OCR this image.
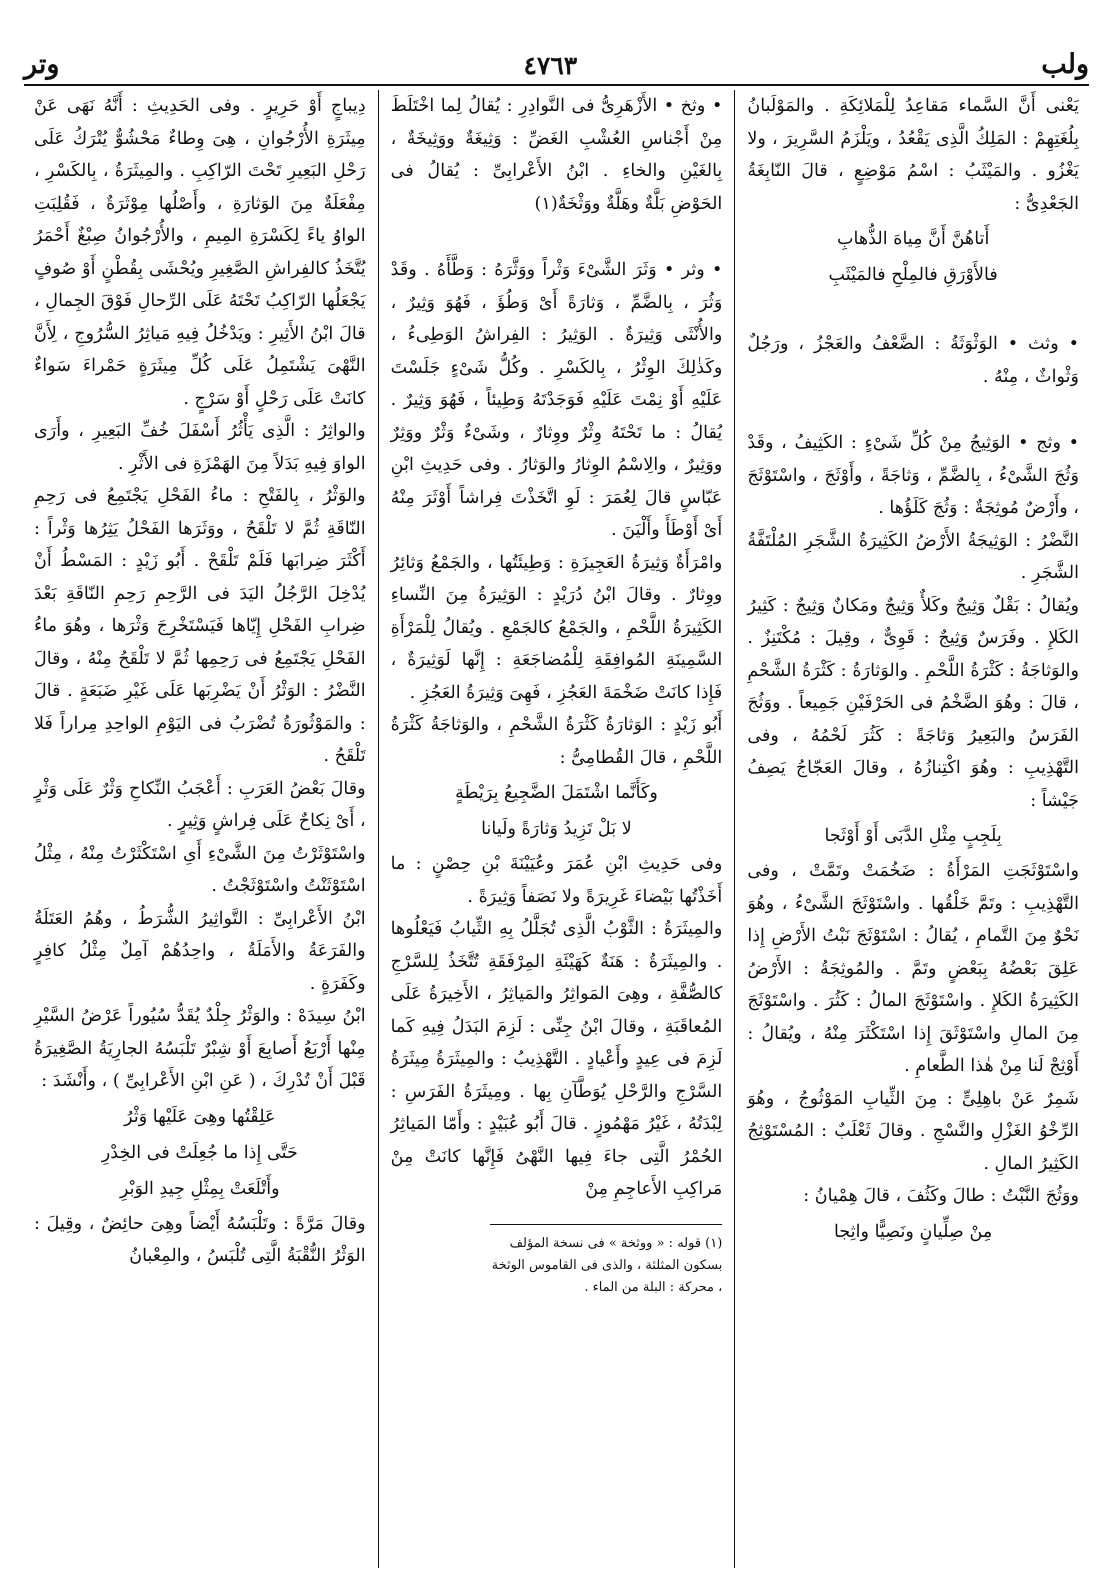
وتر	٤٧٦٣	ولب

يَعْنى أَنَّ السَّماء مَقاعِدُ لِلْمَلائِكَةِ . والمَوْلَبانُ بِلُغَتِهِمْ : المَلِكُ الَّذِى يَقْعُدُ ، ويَلْزَمُ السَّرِيرَ ، ولا يَغْزُو . والمَيْثَبُ : اسْمُ مَوْضِعٍ ، قالَ النّابِغَةُ الجَعْدِىُّ :

أَتاهُنَّ أَنَّ مِياهَ الذُّهابِ

فالأَوْرَقِ فالمِلْحِ فالمَيْثَبِ

• وثث • الوَثْوَثَةُ : الضَّعْفُ والعَجْزُ ، ورَجُلٌ وَثْواثٌ ، مِنْهُ .

• وثج • الوَثِيجُ مِنْ كُلِّ شَىْءٍ : الكَثِيفُ ، وقَدْ وَثُجَ الشَّىْءُ ، بِالضَّمِّ ، وَثاجَةً ، وأَوْثَجَ ، واسْتَوْثَجَ ، وأَرْضٌ مُوثِجَةٌ : وَثُجَ كَلَؤُها .

النَّضْرُ : الوَثِيجَةُ الأَرْضُ الكَثِيرَةُ الشَّجَرِ المُلْتَفَّةُ الشَّجَرِ .

ويُقالُ : بَقْلٌ وَثِيجٌ وكَلأٌ وَثِيجٌ ومَكانٌ وَثِيجٌ : كَثِيرُ الكَلإِ . وفَرَسٌ وَثِيجٌ : قَوِىٌّ ، وقِيلَ : مُكْتَنِزٌ . والوَثاجَةُ : كَثْرَةُ اللَّحْمِ . والوَثارَةُ : كَثْرَةُ الشَّحْمِ ، قالَ : وهُوَ الضَّخْمُ فى الحَرْفَيْنِ جَمِيعاً . ووَثُجَ الفَرَسُ والبَعِيرُ وَثاجَةً : كَثُرَ لَحْمُهُ ، وفى التَّهْذِيبِ : وهُوَ اكْتِنازُهُ ، وقالَ العَجّاجُ يَصِفُ جَيْشاً :

بِلَجِبٍ مِثْلِ الدَّبَى أَوْ أَوْثَجا

واسْتَوْثَجَتِ المَرْأَةُ : ضَخُمَتْ وتَمَّتْ ، وفى التَّهْذِيبِ : وتَمَّ خَلْقُها . واسْتَوْثَجَ الشَّىْءُ ، وهُوَ نَحْوٌ مِنَ التَّمامِ ، يُقالُ : اسْتَوْثَجَ نَبْتُ الأَرْضِ إِذا عَلِقَ بَعْضُهُ بِبَعْضٍ وتَمَّ . والمُوثِجَةُ : الأَرْضُ الكَثِيرَةُ الكَلإِ . واسْتَوْثَجَ المالُ : كَثُرَ . واسْتَوْثَجَ مِنَ المالِ واسْتَوْثَقَ إِذا اسْتَكْثَرَ مِنْهُ ، ويُقالُ : أَوْثِجْ لَنا مِنْ هٰذا الطَّعامِ .

شَمِرٌ عَنْ باهِلِىٍّ : مِنَ الثِّيابِ المَوْثُوجُ ، وهُوَ الرِّخْوُ الغَزْلِ والنَّسْجِ . وقالَ ثَعْلَبٌ : المُسْتَوْثِجُ الكَثِيرُ المالِ .

ووَثُجَ النَّبْتُ : طالَ وكَثُفَ ، قالَ هِمْيانُ :

مِنْ صِلِّيانٍ ونَصِيًّا واثِجا

• وثخ • الأَزْهَرِىُّ فى النَّوادِرِ : يُقالُ لِما اخْتَلَطَ مِنْ أَجْناسِ العُشْبِ الغَضِّ : وَثِيغَةٌ ووَثِيخَةٌ ، بِالغَيْنِ والخاءِ . ابْنُ الأَعْرابِىِّ : يُقالُ فى الحَوْضِ بَلَّةٌ وهَلَّةٌ ووَثْخَةٌ(١)

• وثر • وَثَرَ الشَّىْءَ وَثْراً ووَثَّرَهُ : وَطَّأَهُ . وقَدْ وَثُرَ ، بِالضَّمِّ ، وَثارَةً أَىْ وَطُؤَ ، فَهُوَ وَثِيرٌ ، والأُنْثَى وَثِيرَةٌ . الوَثِيرُ : الفِراشُ الوَطِىءُ ، وكَذٰلِكَ الوِثْرُ ، بِالكَسْرِ . وكُلُّ شَىْءٍ جَلَسْتَ عَلَيْهِ أَوْ نِمْتَ عَلَيْهِ فَوَجَدْتَهُ وَطِيئاً ، فَهُوَ وَثِيرٌ . يُقالُ : ما تَحْتَهُ وِثْرٌ ووِثارٌ ، وشَىْءٌ وَثْرٌ ووَثِرٌ ووَثِيرٌ ، والِاسْمُ الوِثارُ والوَثارُ . وفى حَدِيثِ ابْنِ عَبّاسٍ قالَ لِعُمَرَ : لَوِ اتَّخَذْتَ فِراشاً أَوْثَرَ مِنْهُ أَىْ أَوْطَأَ وأَلْيَنَ .

وامْرَأَةٌ وَثِيرَةُ العَجِيزَةِ : وَطِيئَتُها ، والجَمْعُ وَثائِرُ ووِثارٌ . وقالَ ابْنُ دُرَيْدٍ : الوَثِيرَةُ مِنَ النِّساءِ الكَثِيرَةُ اللَّحْمِ ، والجَمْعُ كالجَمْعِ . ويُقالُ لِلْمَرْأَةِ السَّمِينَةِ المُوافِقَةِ لِلْمُضاجَعَةِ : إِنَّها لَوَثِيرَةٌ ، فَإِذا كانَتْ ضَخْمَةَ العَجُزِ ، فَهِىَ وَثِيرَةُ العَجُزِ .

أَبُو زَيْدٍ : الوَثارَةُ كَثْرَةُ الشَّحْمِ ، والوَثاجَةُ كَثْرَةُ اللَّحْمِ ، قالَ القُطامِىُّ :

وكَأَنَّما اشْتَمَلَ الضَّجِيعُ بِرَيْطَةٍ

لا بَلْ تَزِيدُ وَثارَةً ولَيانا

وفى حَدِيثِ ابْنِ عُمَرَ وعُيَيْنَةَ بْنِ حِصْنٍ : ما أَخَذْتُها بَيْضاءَ غَرِيرَةً ولا نَصَفاً وَثِيرَةً .

والمِيثَرَةُ : الثَّوْبُ الَّذِى تُجَلَّلُ بِهِ الثِّيابُ فَيَعْلُوها . والمِيثَرَةُ : هَنَةٌ كَهَيْئَةِ المِرْفَقَةِ تُتَّخَذُ لِلسَّرْجِ كالصُّفَّةِ ، وهِىَ المَواثِرُ والمَياثِرُ ، الأَخِيرَةُ عَلَى المُعاقَبَةِ ، وقالَ ابْنُ جِنِّى : لَزِمَ البَدَلُ فِيهِ كَما لَزِمَ فى عِيدٍ وأَعْيادٍ . التَّهْذِيبُ : والمِيثَرَةُ مِيثَرَةُ السَّرْجِ والرَّحْلِ يُوَطَّآنِ بِها . ومِيثَرَةُ الفَرَسِ : لِبْدَتُهُ ، غَيْرُ مَهْمُوزٍ . قالَ أَبُو عُبَيْدٍ : وأَمّا المَياثِرُ الحُمْرُ الَّتِى جاءَ فِيها النَّهْىُ فَإِنَّها كانَتْ مِنْ مَراكِبِ الأَعاجِمِ مِنْ

(١) قوله : « ووثخة » فى نسخة المؤلف بسكون المثلثة ، والذى فى القاموس الوثخة ، محركة : البلة من الماء .

دِيباجٍ أَوْ حَرِيرٍ . وفى الحَدِيثِ : أَنَّهُ نَهَى عَنْ مِيثَرَةِ الأُرْجُوانِ ، هِىَ وِطاءٌ مَحْشُوٌّ يُتْرَكُ عَلَى رَحْلِ البَعِيرِ تَحْتَ الرّاكِبِ . والمِيثَرَةُ ، بِالكَسْرِ ، مِفْعَلَةٌ مِنَ الوَثارَةِ ، وأَصْلُها مِوْثَرَةٌ ، فَقُلِبَتِ الواوُ ياءً لِكَسْرَةِ المِيمِ ، والأُرْجُوانُ صِبْغٌ أَحْمَرُ يُتَّخَذُ كالفِراشِ الصَّغِيرِ ويُحْشَى بِقُطْنٍ أَوْ صُوفٍ يَجْعَلُها الرّاكِبُ تَحْتَهُ عَلَى الرِّحالِ فَوْقَ الجِمالِ ، قالَ ابْنُ الأَثِيرِ : ويَدْخُلُ فِيهِ مَياثِرُ السُّرُوجِ ، لِأَنَّ النَّهْىَ يَشْتَمِلُ عَلَى كُلِّ مِيثَرَةٍ حَمْراءَ سَواءٌ كانَتْ عَلَى رَحْلٍ أَوْ سَرْجٍ .

والواثِرُ : الَّذِى يَأْثُرُ أَسْفَلَ خُفِّ البَعِيرِ ، وأَرَى الواوَ فِيهِ بَدَلاً مِنَ الهَمْزَةِ فى الأَثْرِ .

والوَثْرُ ، بِالفَتْحِ : ماءُ الفَحْلِ يَجْتَمِعُ فى رَحِمِ النّاقَةِ ثُمَّ لا تَلْقَحُ ، ووَثَرَها الفَحْلُ يَثِرُها وَثْراً : أَكْثَرَ ضِرابَها فَلَمْ تَلْقَحْ . أَبُو زَيْدٍ : المَسْطُ أَنْ يُدْخِلَ الرَّجُلُ اليَدَ فى الرَّحِمِ رَحِمِ النّاقَةِ بَعْدَ ضِرابِ الفَحْلِ إِيّاها فَيَسْتَخْرِجَ وَثْرَها ، وهُوَ ماءُ الفَحْلِ يَجْتَمِعُ فى رَحِمِها ثُمَّ لا تَلْقَحُ مِنْهُ ، وقالَ النَّضْرُ : الوَثْرُ أَنْ يَضْرِبَها عَلَى غَيْرِ ضَبَعَةٍ . قالَ : والمَوْثُورَةُ تُضْرَبُ فى اليَوْمِ الواحِدِ مِراراً فَلا تَلْقَحُ .

وقالَ بَعْضُ العَرَبِ : أَعْجَبُ النِّكاحِ وَثْرٌ عَلَى وَثْرٍ ، أَىْ نِكاحٌ عَلَى فِراشٍ وَثِيرٍ .

واسْتَوْثَرْتُ مِنَ الشَّىْءِ أَىِ اسْتَكْثَرْتُ مِنْهُ ، مِثْلُ اسْتَوْثَنْتُ واسْتَوْثَجْتُ .

ابْنُ الأَعْرابِىِّ : التَّواثِيرُ الشُّرَطُ ، وهُمُ العَتَلَةُ والفَرَعَةُ والأَمَلَةُ ، واحِدُهُمْ آمِلٌ مِثْلُ كافِرٍ وكَفَرَةٍ .

ابْنُ سِيدَهْ : والوَثْرُ جِلْدٌ يُقَدُّ سُيُوراً عَرْضُ السَّيْرِ مِنْها أَرْبَعُ أَصابِعَ أَوْ شِبْرٌ تَلْبَسُهُ الجارِيَةُ الصَّغِيرَةُ قَبْلَ أَنْ تُدْرِكَ ، ( عَنِ ابْنِ الأَعْرابِىِّ ) ، وأَنْشَدَ :

عَلِقْتُها وهِىَ عَلَيْها وَثْرُ

حَتَّى إِذا ما جُعِلَتْ فى الخِدْرِ

وأَتْلَعَتْ بِمِثْلِ جِيدِ الوَبْرِ

وقالَ مَرَّةً : وتَلْبَسُهُ أَيْضاً وهِىَ حائِضٌ ، وقِيلَ : الوَثْرُ النُّقْبَةُ الَّتِى تُلْبَسُ ، والمِعْبانُ
